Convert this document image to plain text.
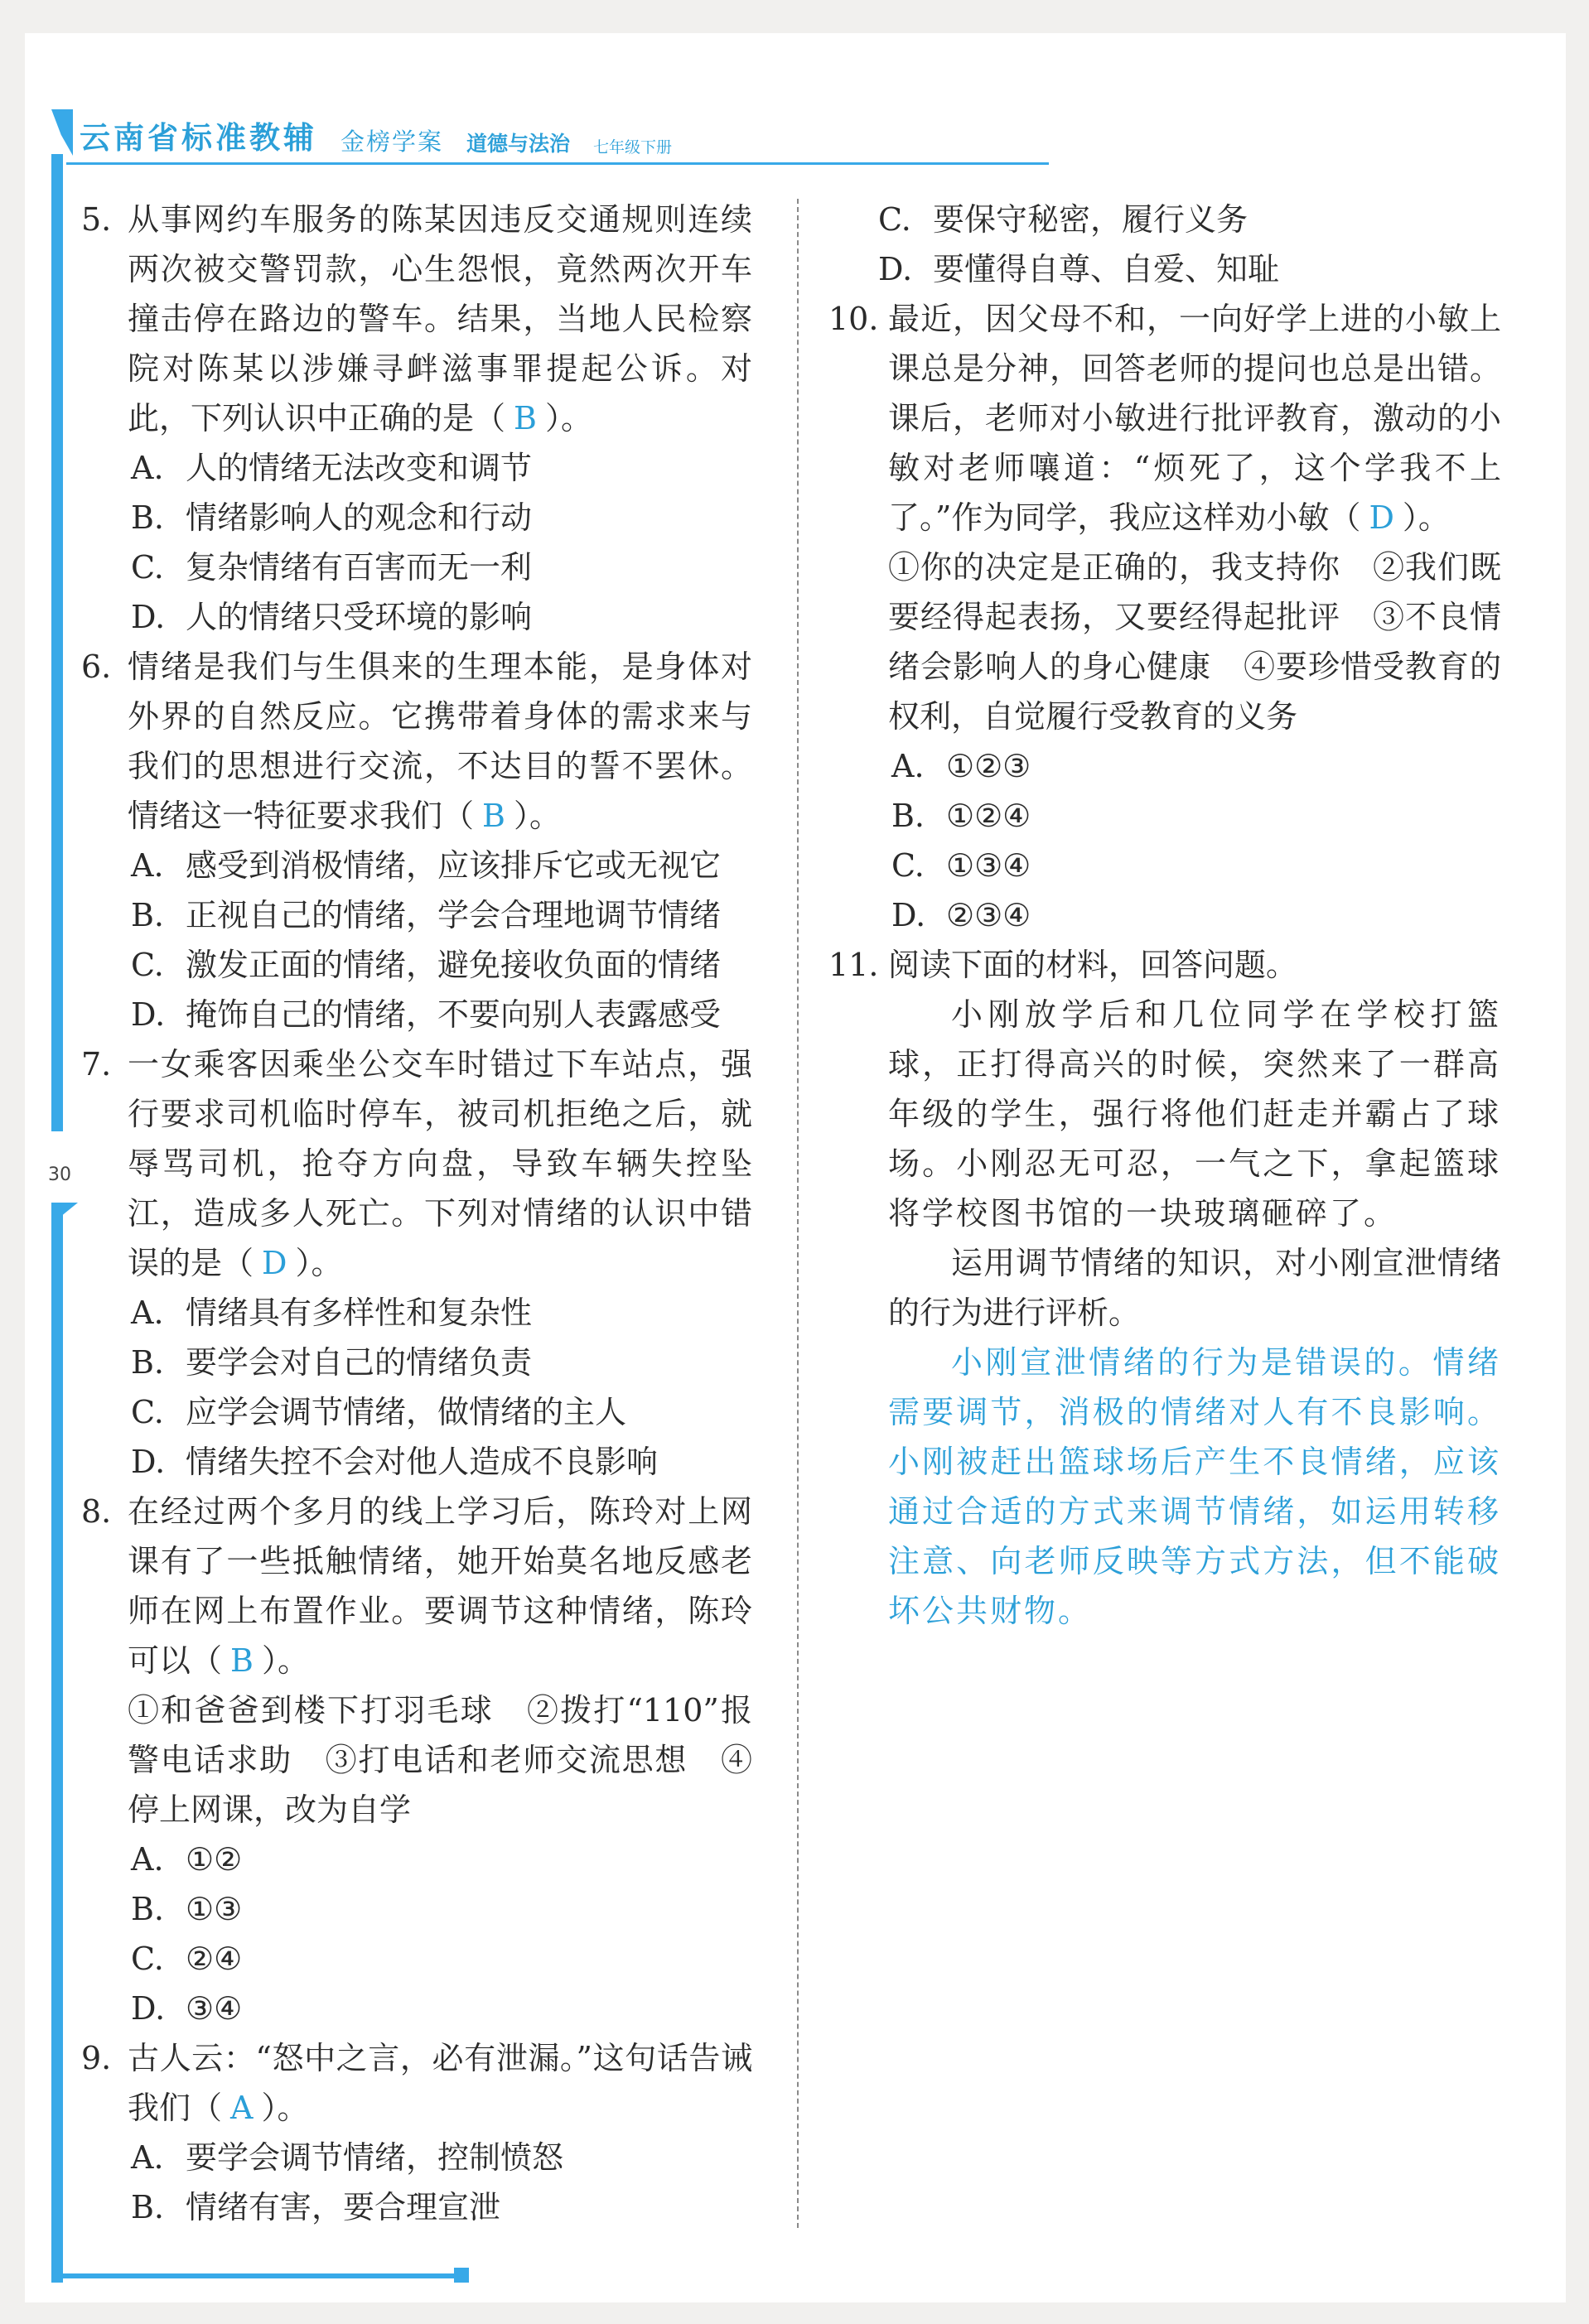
云南省标准教辅 金榜学案 道德与法治 七年级下册
30
5. 从事网约车服务的陈某因违反交通规则连续两次被交警罚款，心生怨恨，竟然两次开车撞击停在路边的警车。结果，当地人民检察院对陈某以涉嫌寻衅滋事罪提起公诉。对此，下列认识中正确的是（ B ）。
A. 人的情绪无法改变和调节
B. 情绪影响人的观念和行动
C. 复杂情绪有百害而无一利
D. 人的情绪只受环境的影响
6. 情绪是我们与生俱来的生理本能，是身体对外界的自然反应。它携带着身体的需求来与我们的思想进行交流，不达目的誓不罢休。情绪这一特征要求我们（ B ）。
A. 感受到消极情绪，应该排斥它或无视它
B. 正视自己的情绪，学会合理地调节情绪
C. 激发正面的情绪，避免接收负面的情绪
D. 掩饰自己的情绪，不要向别人表露感受
7. 一女乘客因乘坐公交车时错过下车站点，强行要求司机临时停车，被司机拒绝之后，就辱骂司机，抢夺方向盘，导致车辆失控坠江，造成多人死亡。下列对情绪的认识中错误的是（ D ）。
A. 情绪具有多样性和复杂性
B. 要学会对自己的情绪负责
C. 应学会调节情绪，做情绪的主人
D. 情绪失控不会对他人造成不良影响
8. 在经过两个多月的线上学习后，陈玲对上网课有了一些抵触情绪，她开始莫名地反感老师在网上布置作业。要调节这种情绪，陈玲可以（ B ）。
①和爸爸到楼下打羽毛球　②拨打“110”报警电话求助　③打电话和老师交流思想　④停上网课，改为自学
A. ①②
B. ①③
C. ②④
D. ③④
9. 古人云：“怒中之言，必有泄漏。”这句话告诫我们（ A ）。
A. 要学会调节情绪，控制愤怒
B. 情绪有害，要合理宣泄
C. 要保守秘密，履行义务
D. 要懂得自尊、自爱、知耻
10. 最近，因父母不和，一向好学上进的小敏上课总是分神，回答老师的提问也总是出错。课后，老师对小敏进行批评教育，激动的小敏对老师嚷道：“烦死了，这个学我不上了。”作为同学，我应这样劝小敏（ D ）。
①你的决定是正确的，我支持你　②我们既要经得起表扬，又要经得起批评　③不良情绪会影响人的身心健康　④要珍惜受教育的权利，自觉履行受教育的义务
A. ①②③
B. ①②④
C. ①③④
D. ②③④
11. 阅读下面的材料，回答问题。
小刚放学后和几位同学在学校打篮球，正打得高兴的时候，突然来了一群高年级的学生，强行将他们赶走并霸占了球场。小刚忍无可忍，一气之下，拿起篮球将学校图书馆的一块玻璃砸碎了。
运用调节情绪的知识，对小刚宣泄情绪的行为进行评析。
小刚宣泄情绪的行为是错误的。情绪需要调节，消极的情绪对人有不良影响。小刚被赶出篮球场后产生不良情绪，应该通过合适的方式来调节情绪，如运用转移注意、向老师反映等方式方法，但不能破坏公共财物。
